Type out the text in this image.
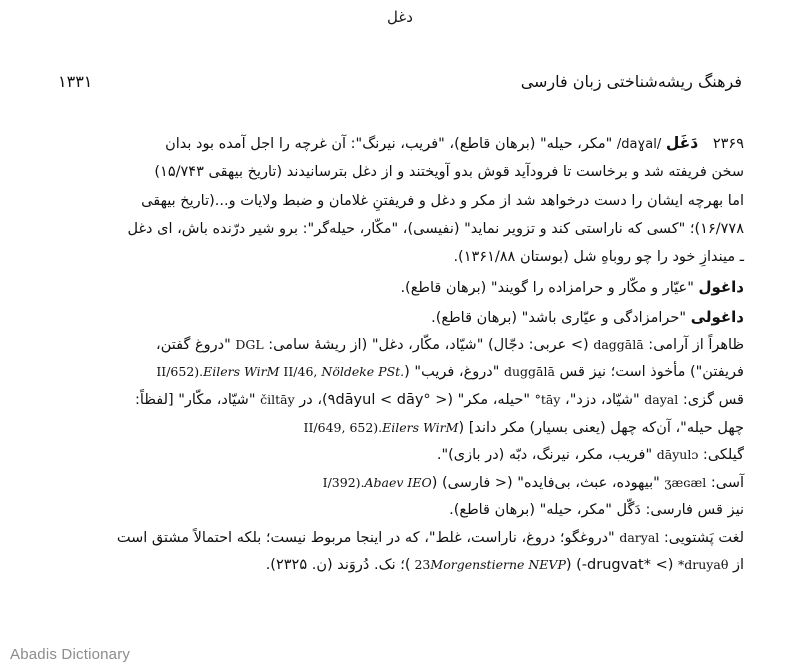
دغل
۱۳۳۱	فرهنگ ریشه‌شناختی زبان فارسی

۲۳۶۹ دَغَل /daɣal/ "مکر، حیله" (برهان قاطع)، "فریب، نیرنگ": آن غرچه را اجل آمده بود بدان

سخن فریفته شد و برخاست تا فرودآید قوش بدو آویختند و از دغل بترسانیدند (تاریخ بیهقی ۱۵/۷۴۳)

اما بهرچه ایشان را دست درخواهد شد از مکر و دغل و فریفتنِ غلامان و ضبط ولایات و...(تاریخ بیهقی

۱۶/۷۷۸)؛ "کسی که ناراستی کند و تزویر نماید" (نفیسی)، "مکّار، حیله‌گر": برو شیر درّنده باش، ای دغل

ـ میندازِ خود را چو روباهِ شل (بوستان ۱۳۶۱/۸۸).

داغول "عیّار و مکّار و حرامزاده را گویند" (برهان قاطع).

داغولی "حرامزادگی و عیّاری باشد" (برهان قاطع).

ظاهراً از آرامی: daggālā (> عربی: دجّال) "شیّاد، مکّار، دغل" (از ریشهٔ سامی: DGL "دروغ گفتن،

فریفتن") مأخوذ است؛ نیز قس duggālā "دروغ، فریب" (Nöldeke PSt. II/46, Eilers WirM II/652).

قس گزی: dayal "شیّاد، دزد"، °tāy "حیله، مکر" (< °dāy > ٩dāyul)، در čiltāy "شیّاد، مکّار" [لفظاً:

چهل حیله"، آن‌که چهل (یعنی بسیار) مکر داند] (Eilers WirM II/649, 652).

گیلکی: dāyulɔ "فریب، مکر، نیرنگ، دبّه (در بازی)".

آسی: ʒæɢæl "بیهوده، عبث، بی‌فایده" (< فارسی) (Abaev IEO I/392).

نیز قس فارسی: دَگّل "مکر، حیله" (برهان قاطع).

لغت پَشتویی: daryal "دروغگو؛ دروغ، ناراست، غلط"، که در اینجا مربوط نیست؛ بلکه احتمالاً مشتق است

از *druyaθ (> *drugvat-) (Morgenstierne NEVP 23)؛ نک. دُروَند (ن. ۲۳۲۵).

Abadis Dictionary
